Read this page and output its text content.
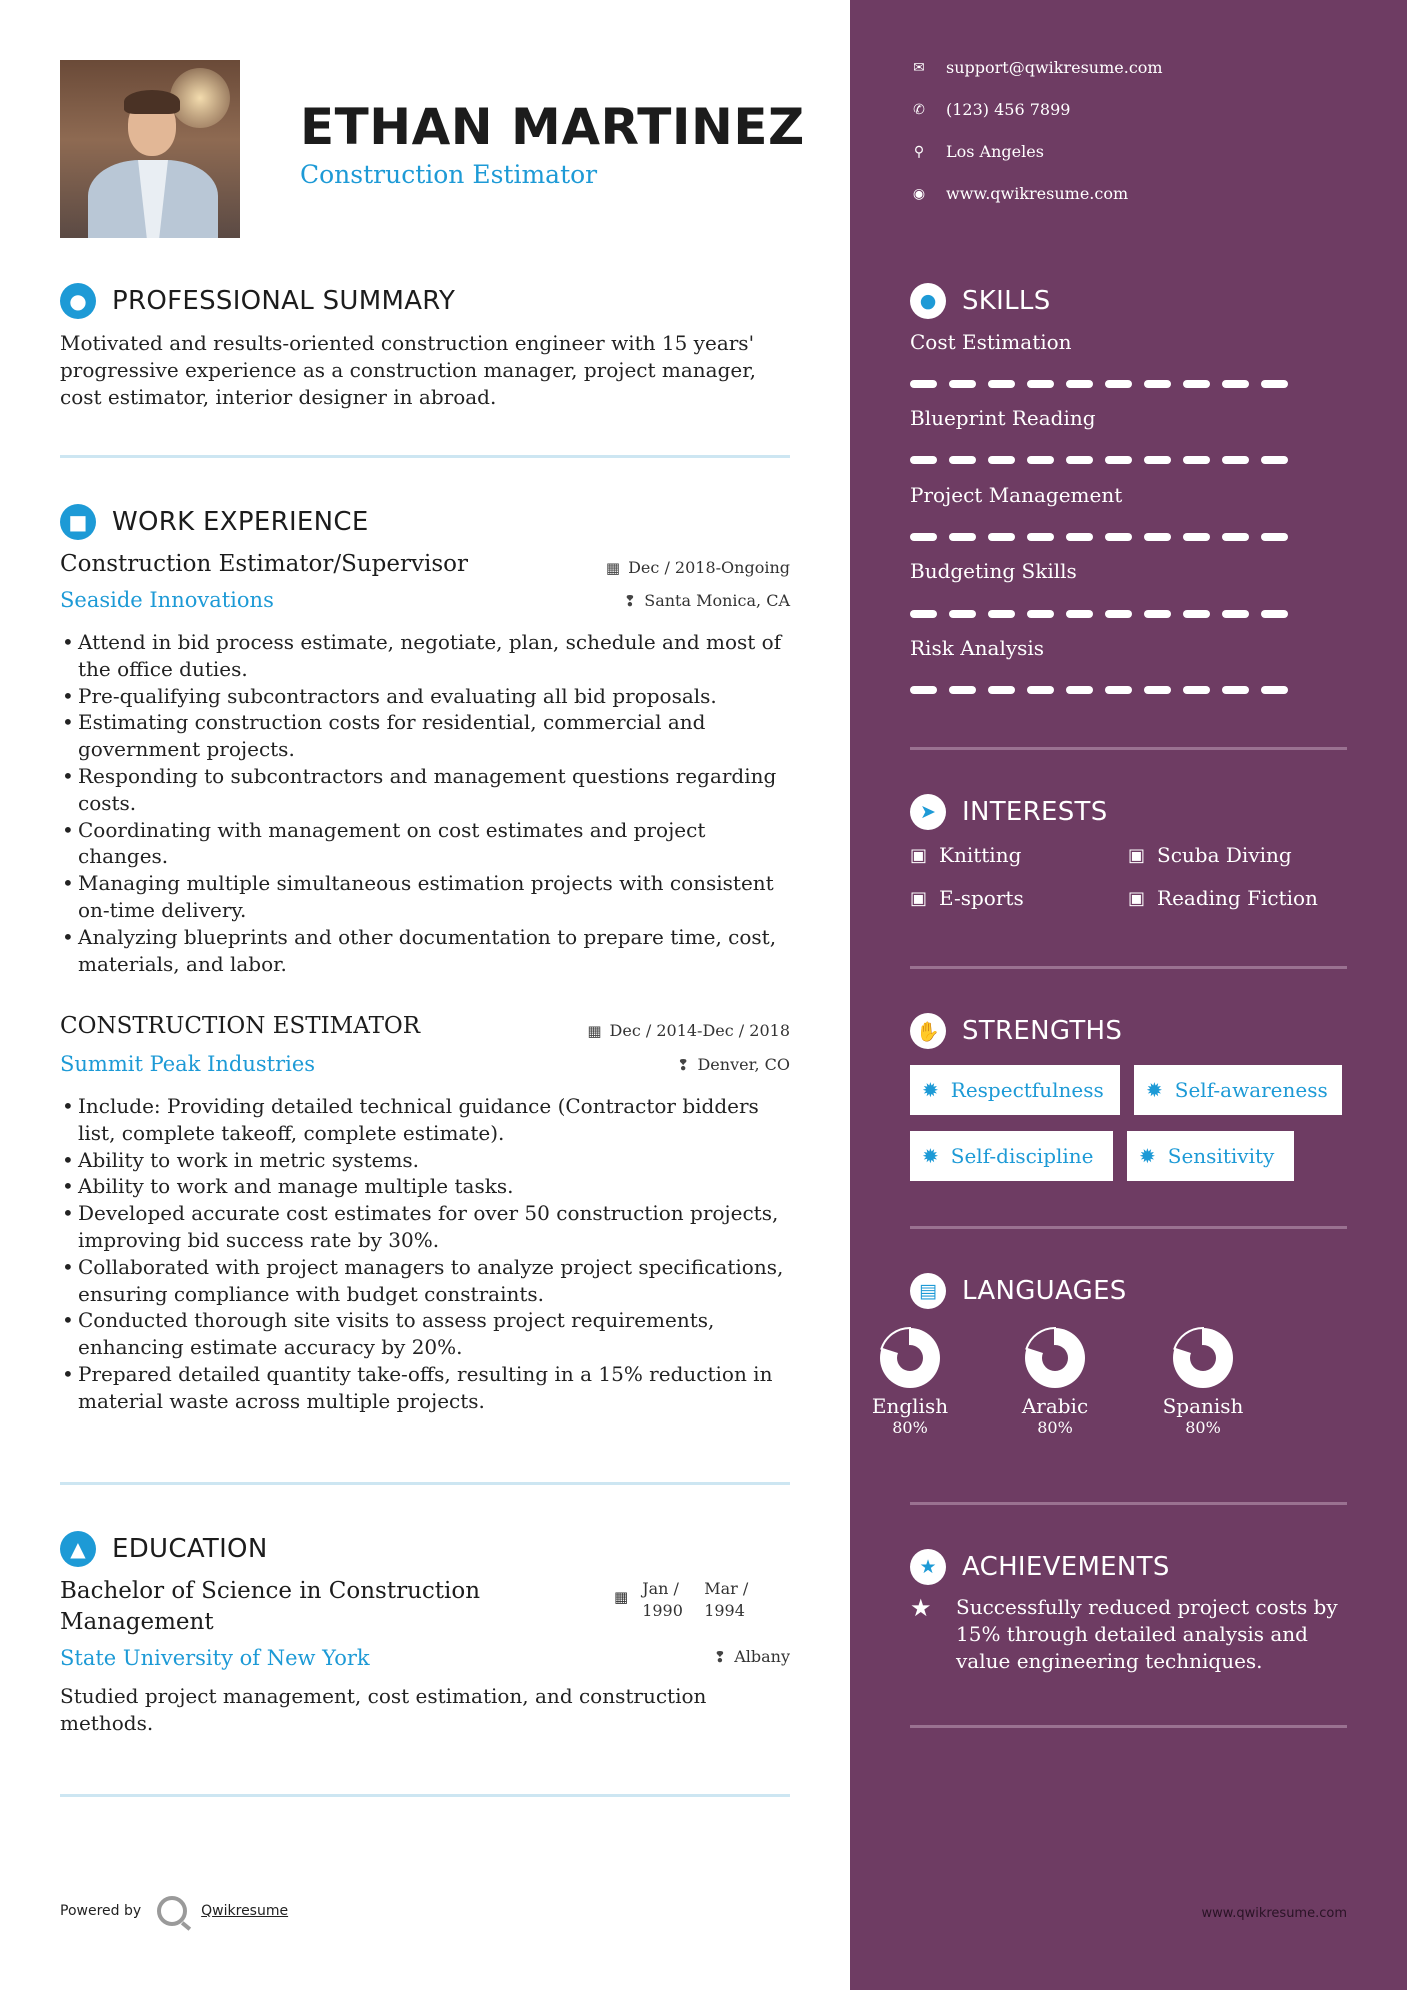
ETHAN MARTINEZ
Construction Estimator
● PROFESSIONAL SUMMARY
Motivated and results-oriented construction engineer with 15 years' progressive experience as a construction manager, project manager, cost estimator, interior designer in abroad.
■ WORK EXPERIENCE
Construction Estimator/Supervisor	▦ Dec / 2018-Ongoing
Seaside Innovations	❢ Santa Monica, CA
• Attend in bid process estimate, negotiate, plan, schedule and most of the office duties.
• Pre-qualifying subcontractors and evaluating all bid proposals.
• Estimating construction costs for residential, commercial and government projects.
• Responding to subcontractors and management questions regarding costs.
• Coordinating with management on cost estimates and project changes.
• Managing multiple simultaneous estimation projects with consistent on-time delivery.
• Analyzing blueprints and other documentation to prepare time, cost, materials, and labor.
CONSTRUCTION ESTIMATOR	▦ Dec / 2014-Dec / 2018
Summit Peak Industries	❢ Denver, CO
• Include: Providing detailed technical guidance (Contractor bidders list, complete takeoff, complete estimate).
• Ability to work in metric systems.
• Ability to work and manage multiple tasks.
• Developed accurate cost estimates for over 50 construction projects, improving bid success rate by 30%.
• Collaborated with project managers to analyze project specifications, ensuring compliance with budget constraints.
• Conducted thorough site visits to assess project requirements, enhancing estimate accuracy by 20%.
• Prepared detailed quantity take-offs, resulting in a 15% reduction in material waste across multiple projects.
▲	EDUCATION
Bachelor of Science in Construction Management
▦ Jan / 1990
Mar / 1994
State University of New York	❢ Albany
Studied project management, cost estimation, and construction methods.
Powered by	Qwikresume
✉ support@qwikresume.com
✆ (123) 456 7899
⚲ Los Angeles
◉ www.qwikresume.com
● SKILLS
Cost Estimation
Blueprint Reading
Project Management
Budgeting Skills
Risk Analysis
➤	INTERESTS
▣ Knitting	▣ Scuba Diving
▣ E-sports	▣ Reading Fiction
✋ STRENGTHS
✹ Respectfulness ✹ Self-awareness
✹ Self-discipline ✹ Sensitivity
▤ LANGUAGES
English
80%
Arabic
80%
Spanish
80%
★ ACHIEVEMENTS
★	Successfully reduced project costs by 15% through detailed analysis and value engineering techniques.
www.qwikresume.com
